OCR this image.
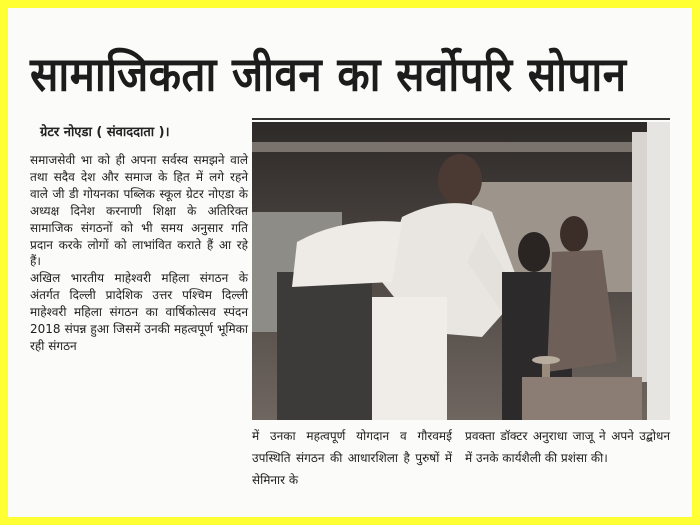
सामाजिकता जीवन का सर्वोपरि सोपान
ग्रेटर नोएडा ( संवाददाता )।

समाजसेवी भा को ही अपना सर्वस्व समझने वाले तथा सदैव देश और समाज के हित में लगे रहने वाले जी डी गोयनका पब्लिक स्कूल ग्रेटर नोएडा के अध्यक्ष दिनेश करनाणी शिक्षा के अतिरिक्त सामाजिक संगठनों को भी समय अनुसार गति प्रदान करके लोगों को लाभांवित कराते हैं आ रहे हैं।

अखिल भारतीय माहेश्वरी महिला संगठन के अंतर्गत दिल्ली प्रादेशिक उत्तर पश्चिम दिल्ली माहेश्वरी महिला संगठन का वार्षिकोत्सव स्पंदन 2018 संपन्न हुआ जिसमें उनकी महत्वपूर्ण भूमिका रही संगठन

में उनका महत्वपूर्ण योगदान व गौरवमई उपस्थिति संगठन की आधारशिला है पुरुषों में सेमिनार के
प्रवक्ता डॉक्टर अनुराधा जाजू ने अपने उद्बोधन में उनके कार्यशैली की प्रशंसा की।
